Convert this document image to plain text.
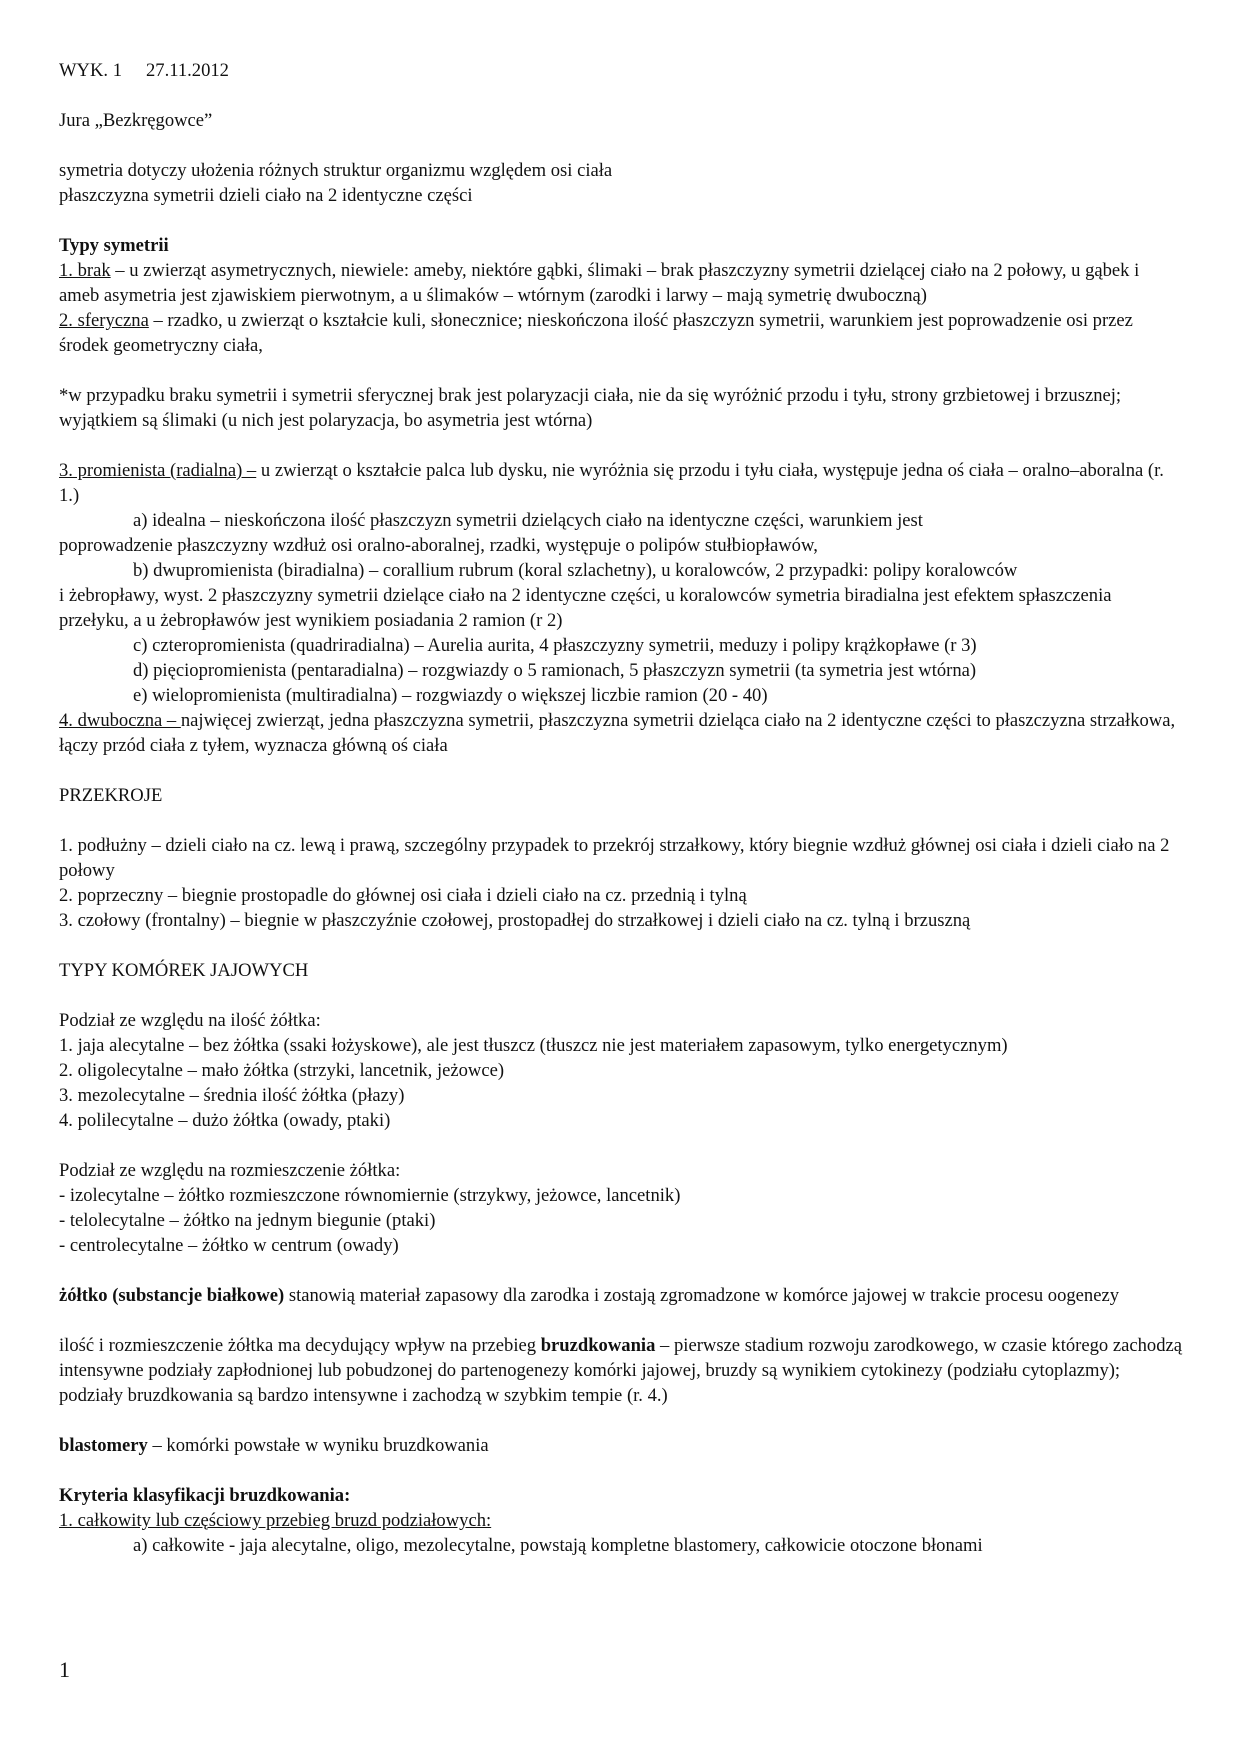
WYK. 1 27.11.2012

Jura „Bezkręgowce”

symetria dotyczy ułożenia różnych struktur organizmu względem osi ciała

płaszczyzna symetrii dzieli ciało na 2 identyczne części

Typy symetrii

1. brak – u zwierząt asymetrycznych, niewiele: ameby, niektóre gąbki, ślimaki – brak płaszczyzny symetrii dzielącej ciało na 2 połowy, u gąbek i ameb asymetria jest zjawiskiem pierwotnym, a u ślimaków – wtórnym (zarodki i larwy – mają symetrię dwuboczną)

2. sferyczna – rzadko, u zwierząt o kształcie kuli, słonecznice; nieskończona ilość płaszczyzn symetrii, warunkiem jest poprowadzenie osi przez środek geometryczny ciała,

*w przypadku braku symetrii i symetrii sferycznej brak jest polaryzacji ciała, nie da się wyróżnić przodu i tyłu, strony grzbietowej i brzusznej; wyjątkiem są ślimaki (u nich jest polaryzacja, bo asymetria jest wtórna)

3. promienista (radialna) – u zwierząt o kształcie palca lub dysku, nie wyróżnia się przodu i tyłu ciała, występuje jedna oś ciała – oralno–aboralna (r. 1.)

a) idealna – nieskończona ilość płaszczyzn symetrii dzielących ciało na identyczne części, warunkiem jest

poprowadzenie płaszczyzny wzdłuż osi oralno-aboralnej, rzadki, występuje o polipów stułbiopławów,

b) dwupromienista (biradialna) – corallium rubrum (koral szlachetny), u koralowców, 2 przypadki: polipy koralowców

i żebropławy, wyst. 2 płaszczyzny symetrii dzielące ciało na 2 identyczne części, u koralowców symetria biradialna jest efektem spłaszczenia przełyku, a u żebropławów jest wynikiem posiadania 2 ramion (r 2)

c) czteropromienista (quadriradialna) – Aurelia aurita, 4 płaszczyzny symetrii, meduzy i polipy krążkopławe (r 3)

d) pięciopromienista (pentaradialna) – rozgwiazdy o 5 ramionach, 5 płaszczyzn symetrii (ta symetria jest wtórna)

e) wielopromienista (multiradialna) – rozgwiazdy o większej liczbie ramion (20 - 40)

4. dwuboczna – najwięcej zwierząt, jedna płaszczyzna symetrii, płaszczyzna symetrii dzieląca ciało na 2 identyczne części to płaszczyzna strzałkowa, łączy przód ciała z tyłem, wyznacza główną oś ciała

PRZEKROJE

1. podłużny – dzieli ciało na cz. lewą i prawą, szczególny przypadek to przekrój strzałkowy, który biegnie wzdłuż głównej osi ciała i dzieli ciało na 2 połowy

2. poprzeczny – biegnie prostopadle do głównej osi ciała i dzieli ciało na cz. przednią i tylną

3. czołowy (frontalny) – biegnie w płaszczyźnie czołowej, prostopadłej do strzałkowej i dzieli ciało na cz. tylną i brzuszną

TYPY KOMÓREK JAJOWYCH

Podział ze względu na ilość żółtka:

1. jaja alecytalne – bez żółtka (ssaki łożyskowe), ale jest tłuszcz (tłuszcz nie jest materiałem zapasowym, tylko energetycznym)

2. oligolecytalne – mało żółtka (strzyki, lancetnik, jeżowce)

3. mezolecytalne – średnia ilość żółtka (płazy)

4. polilecytalne – dużo żółtka (owady, ptaki)

Podział ze względu na rozmieszczenie żółtka:

- izolecytalne – żółtko rozmieszczone równomiernie (strzykwy, jeżowce, lancetnik)

- telolecytalne – żółtko na jednym biegunie (ptaki)

- centrolecytalne – żółtko w centrum (owady)

żółtko (substancje białkowe) stanowią materiał zapasowy dla zarodka i zostają zgromadzone w komórce jajowej w trakcie procesu oogenezy

ilość i rozmieszczenie żółtka ma decydujący wpływ na przebieg bruzdkowania – pierwsze stadium rozwoju zarodkowego, w czasie którego zachodzą intensywne podziały zapłodnionej lub pobudzonej do partenogenezy komórki jajowej, bruzdy są wynikiem cytokinezy (podziału cytoplazmy); podziały bruzdkowania są bardzo intensywne i zachodzą w szybkim tempie (r. 4.)

blastomery – komórki powstałe w wyniku bruzdkowania

Kryteria klasyfikacji bruzdkowania:

1. całkowity lub częściowy przebieg bruzd podziałowych:

a) całkowite - jaja alecytalne, oligo, mezolecytalne, powstają kompletne blastomery, całkowicie otoczone błonami

1
